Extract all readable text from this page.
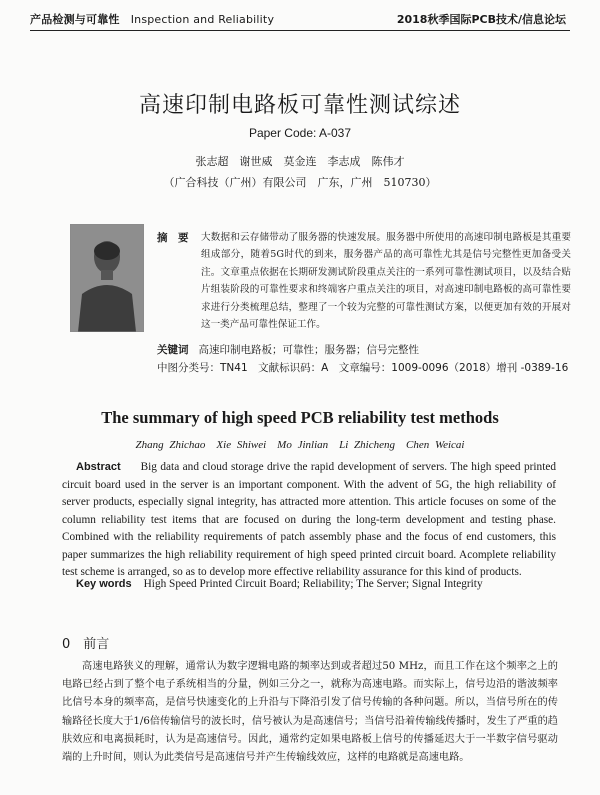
产品检测与可靠性 Inspection and Reliability	2018秋季国际PCB技术/信息论坛
高速印制电路板可靠性测试综述
Paper Code: A-037
张志超　谢世威　莫金连　李志成　陈伟才
（广合科技（广州）有限公司　广东，广州　510730）
摘　要 大数据和云存储带动了服务器的快速发展。服务器中所使用的高速印制电路板是其重要组成部分，随着5G时代的到来，服务器产品的高可靠性尤其是信号完整性更加备受关注。文章重点依据在长期研发测试阶段重点关注的一系列可靠性测试项目，以及结合贴片组装阶段的可靠性要求和终端客户重点关注的项目，对高速印制电路板的高可靠性要求进行分类梳理总结，整理了一个较为完整的可靠性测试方案，以便更加有效的开展对这一类产品可靠性保证工作。
关键词 高速印制电路板；可靠性；服务器；信号完整性
中图分类号：TN41　文献标识码：A　文章编号：1009-0096（2018）增刊 -0389-16
The summary of high speed PCB reliability test methods
Zhang Zhichao　Xie Shiwei　Mo Jinlian　Li Zhicheng　Chen Weicai
Abstract Big data and cloud storage drive the rapid development of servers. The high speed printed circuit board used in the server is an important component. With the advent of 5G, the high reliability of server products, especially signal integrity, has attracted more attention. This article focuses on some of the column reliability test items that are focused on during the long-term development and testing phase. Combined with the reliability requirements of patch assembly phase and the focus of end customers, this paper summarizes the high reliability requirement of high speed printed circuit board. Acomplete reliability test scheme is arranged, so as to develop more effective reliability assurance for this kind of products.
Key words High Speed Printed Circuit Board; Reliability; The Server; Signal Integrity
0　前言
高速电路狭义的理解，通常认为数字逻辑电路的频率达到或者超过50 MHz，而且工作在这个频率之上的电路已经占到了整个电子系统相当的分量，例如三分之一，就称为高速电路。而实际上，信号边沿的谐波频率比信号本身的频率高，是信号快速变化的上升沿与下降沿引发了信号传输的各种问题。所以，当信号所在的传输路径长度大于1/6倍传输信号的波长时，信号被认为是高速信号；当信号沿着传输线传播时，发生了严重的趋肤效应和电离损耗时，认为是高速信号。因此，通常约定如果电路板上信号的传播延迟大于一半数字信号驱动端的上升时间，则认为此类信号是高速信号并产生传输线效应，这样的电路就是高速电路。
